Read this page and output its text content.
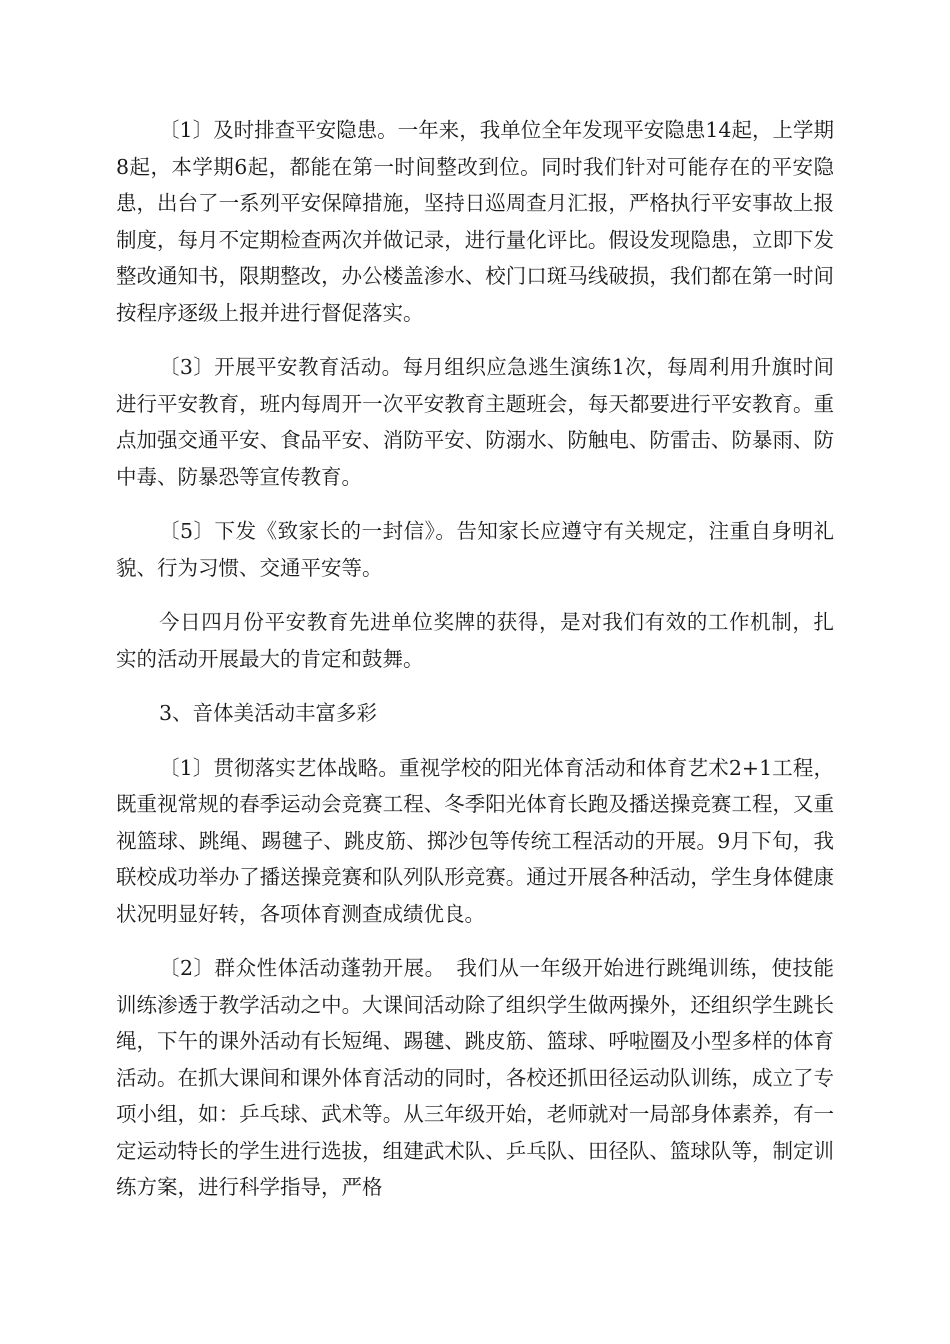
〔1〕及时排查平安隐患。一年来，我单位全年发现平安隐患14起，上学期8起，本学期6起，都能在第一时间整改到位。同时我们针对可能存在的平安隐患，出台了一系列平安保障措施，坚持日巡周查月汇报，严格执行平安事故上报制度，每月不定期检查两次并做记录，进行量化评比。假设发现隐患，立即下发整改通知书，限期整改，办公楼盖渗水、校门口斑马线破损，我们都在第一时间按程序逐级上报并进行督促落实。

〔3〕开展平安教育活动。每月组织应急逃生演练1次，每周利用升旗时间进行平安教育，班内每周开一次平安教育主题班会，每天都要进行平安教育。重点加强交通平安、食品平安、消防平安、防溺水、防触电、防雷击、防暴雨、防中毒、防暴恐等宣传教育。

〔5〕下发《致家长的一封信》。告知家长应遵守有关规定，注重自身明礼貌、行为习惯、交通平安等。

今日四月份平安教育先进单位奖牌的获得，是对我们有效的工作机制，扎实的活动开展最大的肯定和鼓舞。

3、音体美活动丰富多彩

〔1〕贯彻落实艺体战略。重视学校的阳光体育活动和体育艺术2+1工程，既重视常规的春季运动会竞赛工程、冬季阳光体育长跑及播送操竞赛工程，又重视篮球、跳绳、踢毽子、跳皮筋、掷沙包等传统工程活动的开展。9月下旬，我联校成功举办了播送操竞赛和队列队形竞赛。通过开展各种活动，学生身体健康状况明显好转，各项体育测查成绩优良。

〔2〕群众性体活动蓬勃开展。　我们从一年级开始进行跳绳训练，使技能训练渗透于教学活动之中。大课间活动除了组织学生做两操外，还组织学生跳长绳，下午的课外活动有长短绳、踢毽、跳皮筋、篮球、呼啦圈及小型多样的体育活动。在抓大课间和课外体育活动的同时，各校还抓田径运动队训练，成立了专项小组，如：乒乓球、武术等。从三年级开始，老师就对一局部身体素养，有一定运动特长的学生进行选拔，组建武术队、乒乓队、田径队、篮球队等，制定训练方案，进行科学指导，严格
